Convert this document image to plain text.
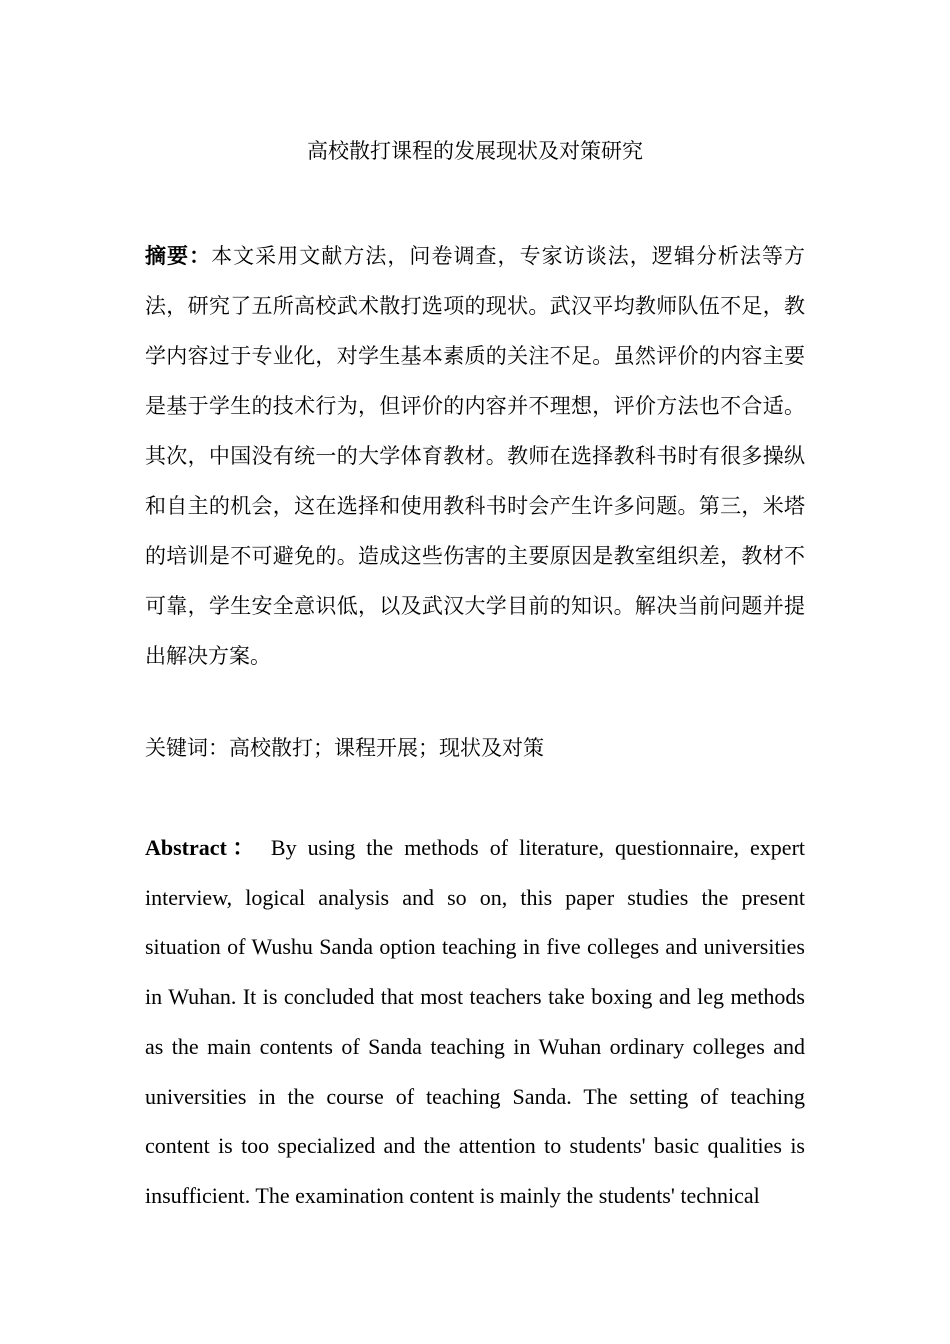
高校散打课程的发展现状及对策研究

摘要：本文采用文献方法，问卷调查，专家访谈法，逻辑分析法等方法，研究了五所高校武术散打选项的现状。武汉平均教师队伍不足，教学内容过于专业化，对学生基本素质的关注不足。虽然评价的内容主要是基于学生的技术行为，但评价的内容并不理想，评价方法也不合适。其次，中国没有统一的大学体育教材。教师在选择教科书时有很多操纵和自主的机会，这在选择和使用教科书时会产生许多问题。第三，米塔的培训是不可避免的。造成这些伤害的主要原因是教室组织差，教材不可靠，学生安全意识低，以及武汉大学目前的知识。解决当前问题并提出解决方案。

关键词：高校散打；课程开展；现状及对策

Abstract： By using the methods of literature, questionnaire, expert interview, logical analysis and so on, this paper studies the present situation of Wushu Sanda option teaching in five colleges and universities in Wuhan. It is concluded that most teachers take boxing and leg methods as the main contents of Sanda teaching in Wuhan ordinary colleges and universities in the course of teaching Sanda. The setting of teaching content is too specialized and the attention to students' basic qualities is insufficient. The examination content is mainly the students' technical
